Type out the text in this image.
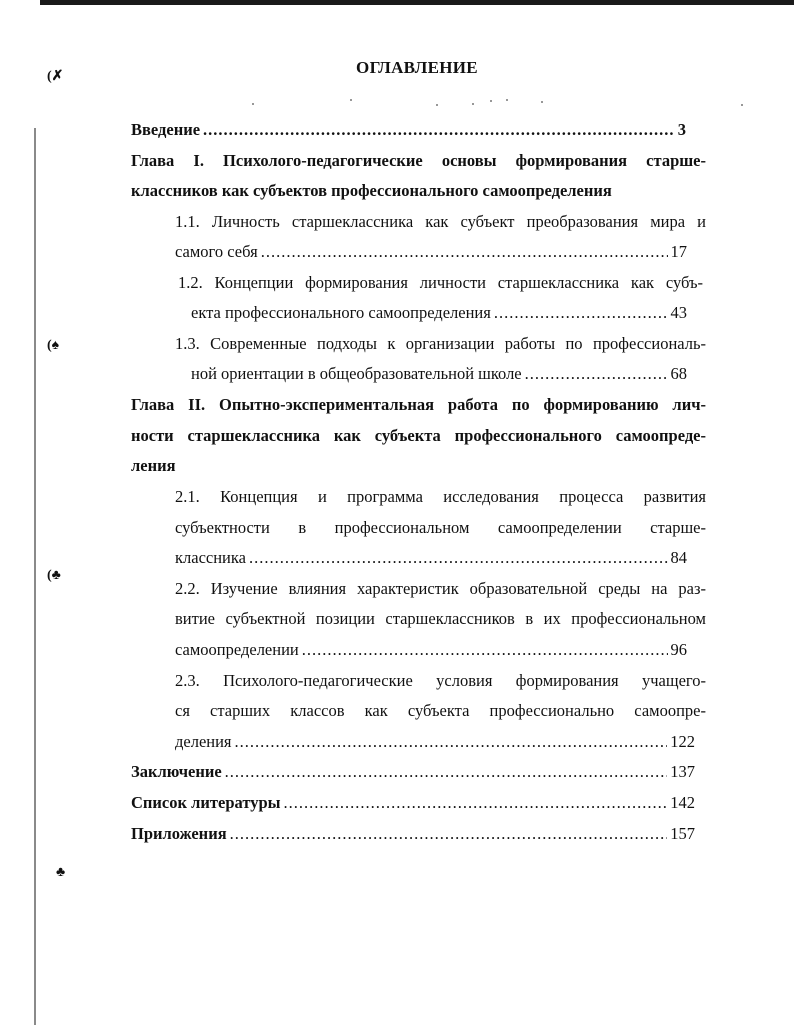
(✗
(♠
(♣
♣
ОГЛАВЛЕНИЕ
Введение .....	3
Глава I. Психолого-педагогические основы формирования старше-
классников как субъектов профессионального самоопределения
1.1. Личность старшеклассника как субъект преобразования мира и
самого себя .....	17
1.2. Концепции формирования личности старшеклассника как субъ-
екта профессионального самоопределения .....	43
1.3. Современные подходы к организации работы по профессиональ-
ной ориентации в общеобразовательной школе .....	68
Глава II. Опытно-экспериментальная работа по формированию лич-
ности старшеклассника как субъекта профессионального самоопреде-
ления
2.1. Концепция и программа исследования процесса развития
субъектности в профессиональном самоопределении старше-
классника .....	84
2.2. Изучение влияния характеристик образовательной среды на раз-
витие субъектной позиции старшеклассников в их профессиональном
самоопределении .....	96
2.3. Психолого-педагогические условия формирования учащего-
ся старших классов как субъекта профессионально самоопре-
деления .....	122
Заключение .....	137
Список литературы .....	142
Приложения .....	157
